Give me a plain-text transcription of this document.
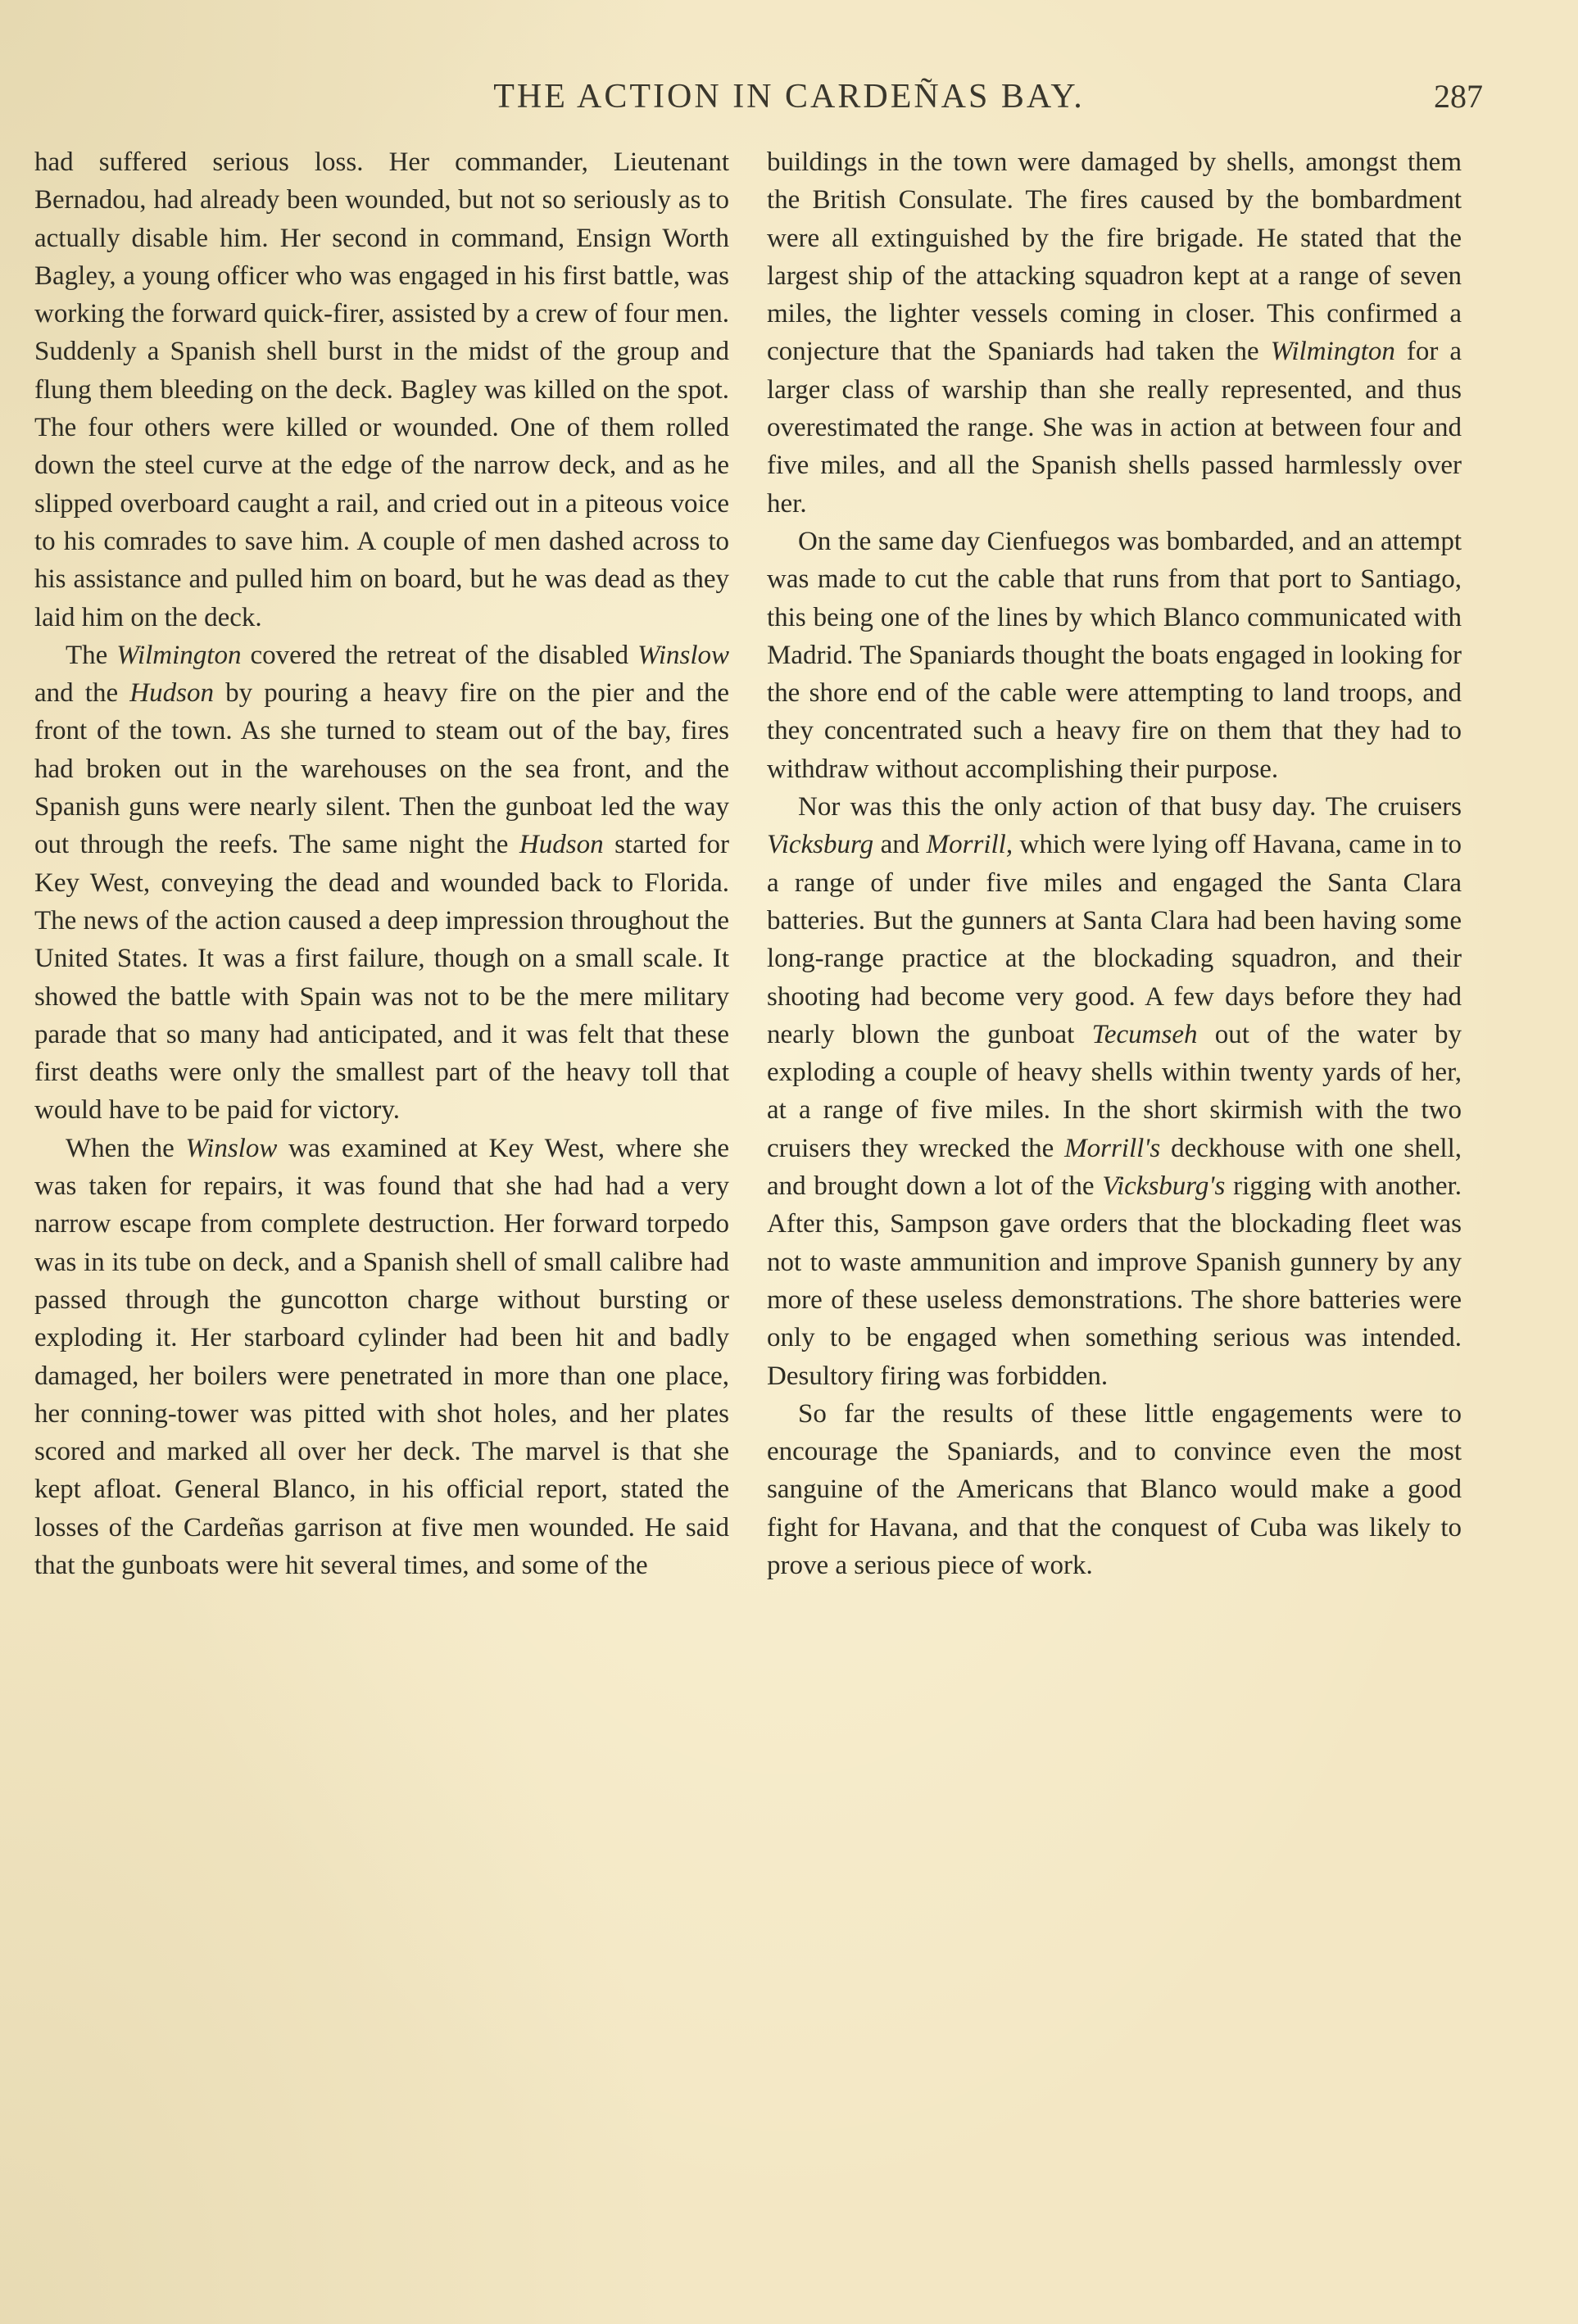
THE ACTION IN CARDEÑAS BAY.	287

had suffered serious loss. Her commander, Lieutenant Bernadou, had already been wounded, but not so seriously as to actually disable him. Her second in command, Ensign Worth Bagley, a young officer who was engaged in his first battle, was working the forward quick-firer, assisted by a crew of four men. Suddenly a Spanish shell burst in the midst of the group and flung them bleeding on the deck. Bagley was killed on the spot. The four others were killed or wounded. One of them rolled down the steel curve at the edge of the narrow deck, and as he slipped overboard caught a rail, and cried out in a piteous voice to his comrades to save him. A couple of men dashed across to his assistance and pulled him on board, but he was dead as they laid him on the deck.

The Wilmington covered the retreat of the disabled Winslow and the Hudson by pouring a heavy fire on the pier and the front of the town. As she turned to steam out of the bay, fires had broken out in the warehouses on the sea front, and the Spanish guns were nearly silent. Then the gunboat led the way out through the reefs. The same night the Hudson started for Key West, conveying the dead and wounded back to Florida. The news of the action caused a deep impression throughout the United States. It was a first failure, though on a small scale. It showed the battle with Spain was not to be the mere military parade that so many had anticipated, and it was felt that these first deaths were only the smallest part of the heavy toll that would have to be paid for victory.

When the Winslow was examined at Key West, where she was taken for repairs, it was found that she had had a very narrow escape from complete destruction. Her forward torpedo was in its tube on deck, and a Spanish shell of small calibre had passed through the guncotton charge without bursting or exploding it. Her starboard cylinder had been hit and badly damaged, her boilers were penetrated in more than one place, her conning-tower was pitted with shot holes, and her plates scored and marked all over her deck. The marvel is that she kept afloat. General Blanco, in his official report, stated the losses of the Cardeñas garrison at five men wounded. He said that the gunboats were hit several times, and some of the

buildings in the town were damaged by shells, amongst them the British Consulate. The fires caused by the bombardment were all extinguished by the fire brigade. He stated that the largest ship of the attacking squadron kept at a range of seven miles, the lighter vessels coming in closer. This confirmed a conjecture that the Spaniards had taken the Wilmington for a larger class of warship than she really represented, and thus overestimated the range. She was in action at between four and five miles, and all the Spanish shells passed harmlessly over her.

On the same day Cienfuegos was bombarded, and an attempt was made to cut the cable that runs from that port to Santiago, this being one of the lines by which Blanco communicated with Madrid. The Spaniards thought the boats engaged in looking for the shore end of the cable were attempting to land troops, and they concentrated such a heavy fire on them that they had to withdraw without accomplishing their purpose.

Nor was this the only action of that busy day. The cruisers Vicksburg and Morrill, which were lying off Havana, came in to a range of under five miles and engaged the Santa Clara batteries. But the gunners at Santa Clara had been having some long-range practice at the blockading squadron, and their shooting had become very good. A few days before they had nearly blown the gunboat Tecumseh out of the water by exploding a couple of heavy shells within twenty yards of her, at a range of five miles. In the short skirmish with the two cruisers they wrecked the Morrill's deckhouse with one shell, and brought down a lot of the Vicksburg's rigging with another. After this, Sampson gave orders that the blockading fleet was not to waste ammunition and improve Spanish gunnery by any more of these useless demonstrations. The shore batteries were only to be engaged when something serious was intended. Desultory firing was forbidden.

So far the results of these little engagements were to encourage the Spaniards, and to convince even the most sanguine of the Americans that Blanco would make a good fight for Havana, and that the conquest of Cuba was likely to prove a serious piece of work.
